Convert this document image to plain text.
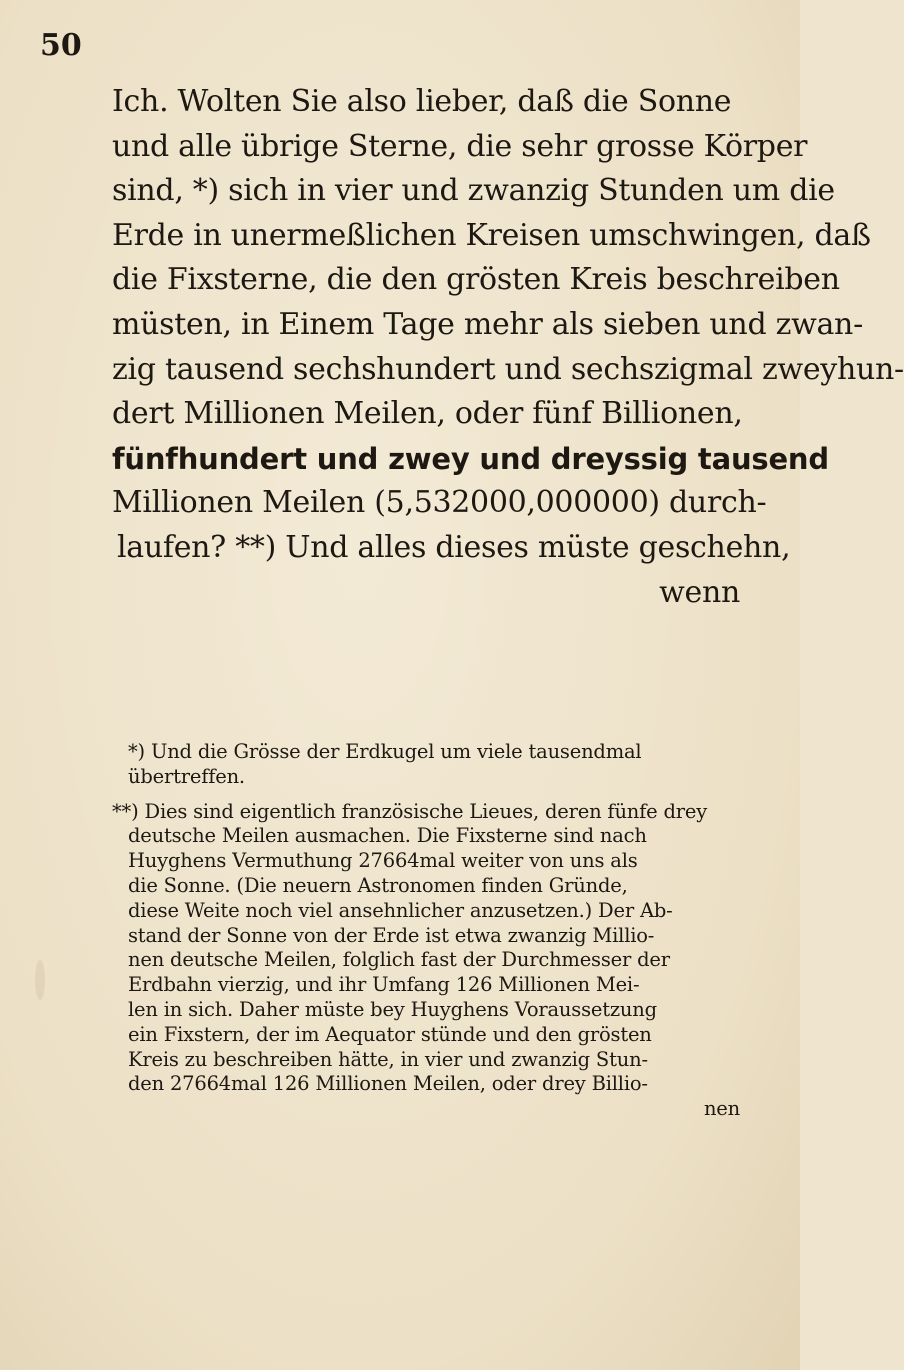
50
Ich. Wolten Sie also lieber, daß die Sonne
und alle übrige Sterne, die sehr grosse Körper
sind, *) sich in vier und zwanzig Stunden um die
Erde in unermeßlichen Kreisen umschwingen, daß
die Fixsterne, die den grösten Kreis beschreiben
müsten, in Einem Tage mehr als sieben und zwan-
zig tausend sechshundert und sechszigmal zweyhun-
dert Millionen Meilen, oder fünf Billionen,
fünfhundert und zwey und dreyssig tausend
Millionen Meilen (5,532000,000000) durch-
laufen? **) Und alles dieses müste geschehn,
wenn
*) Und die Grösse der Erdkugel um viele tausendmal
übertreffen.
**) Dies sind eigentlich französische Lieues, deren fünfe drey
deutsche Meilen ausmachen. Die Fixsterne sind nach
Huyghens Vermuthung 27664mal weiter von uns als
die Sonne. (Die neuern Astronomen finden Gründe,
diese Weite noch viel ansehnlicher anzusetzen.) Der Ab-
stand der Sonne von der Erde ist etwa zwanzig Millio-
nen deutsche Meilen, folglich fast der Durchmesser der
Erdbahn vierzig, und ihr Umfang 126 Millionen Mei-
len in sich. Daher müste bey Huyghens Voraussetzung
ein Fixstern, der im Aequator stünde und den grösten
Kreis zu beschreiben hätte, in vier und zwanzig Stun-
den 27664mal 126 Millionen Meilen, oder drey Billio-
nen
